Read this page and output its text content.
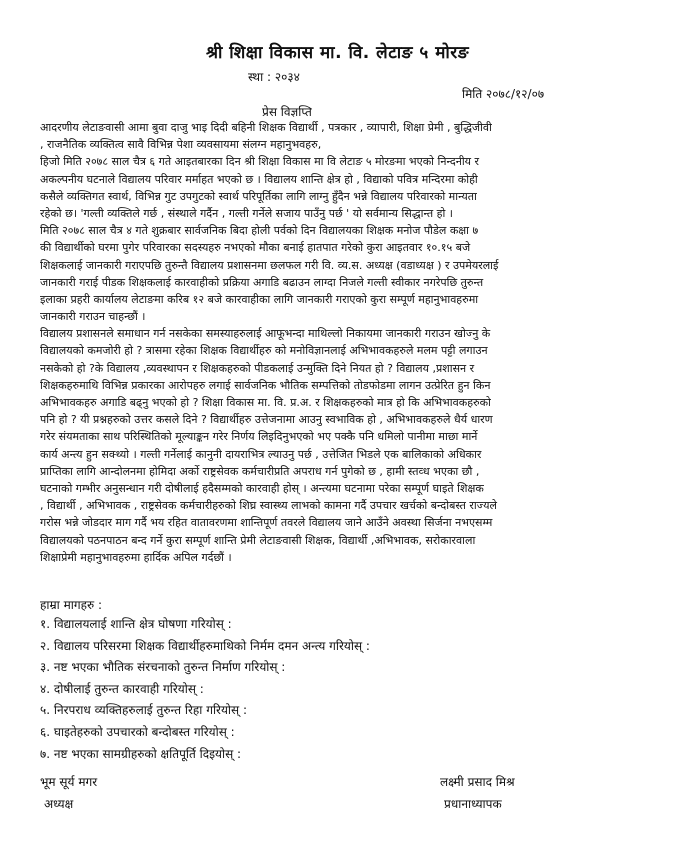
श्री शिक्षा विकास मा. वि. लेटाङ ५ मोरङ
स्था : २०३४
मिति २०७८/१२/०७
प्रेस विज्ञप्ति
आदरणीय लेटाङवासी आमा बुवा दाजु भाइ दिदी बहिनी शिक्षक विद्यार्थी , पत्रकार , व्यापारी, शिक्षा प्रेमी , बुद्धिजीवी
, राजनैतिक व्यक्तित्व सावै विभिन्न पेशा व्यवसायमा संलग्न महानुभवहरु,
हिजो मिति २०७८ साल चैत्र ६ गते आइतबारका दिन श्री शिक्षा विकास मा वि लेटाङ ५ मोरङमा भएको निन्दनीय र
अकल्पनीय घटनाले विद्यालय परिवार मर्माहत भएको छ । विद्यालय शान्ति क्षेत्र हो , विद्याको पवित्र मन्दिरमा कोही
कसैले व्यक्तिगत स्वार्थ, विभिन्न गुट उपगुटको स्वार्थ परिपूर्तिका लागि लाग्नु हुँदैन भन्ने विद्यालय परिवारको मान्यता
रहेको छ। 'गल्ती व्यक्तिले गर्छ , संस्थाले गर्दैन , गल्ती गर्नेले सजाय पाउँनु पर्छ ' यो सर्वमान्य सिद्धान्त हो ।
मिति २०७८ साल चैत्र ४ गते शुक्रबार सार्वजनिक बिदा होली पर्वको दिन विद्यालयका शिक्षक मनोज पौडेल कक्षा ७
की विद्यार्थीको घरमा पुगेर परिवारका सदस्यहरु नभएको मौका बनाई हातपात गरेको कुरा आइतवार १०.१५ बजे
शिक्षकलाई जानकारी गराएपछि तुरुन्तै विद्यालय प्रशासनमा छलफल गरी वि. व्य.स. अध्यक्ष (वडाध्यक्ष ) र उपमेयरलाई
जानकारी गराई पीडक शिक्षकलाई कारवाहीको प्रक्रिया अगाडि बढाउन लाग्दा निजले गल्ती स्वीकार नगरेपछि तुरुन्त
इलाका प्रहरी कार्यालय लेटाङमा करिब १२ बजे कारवाहीका लागि जानकारी गराएको कुरा सम्पूर्ण महानुभावहरुमा
जानकारी गराउन चाहन्छौं ।
विद्यालय प्रशासनले समाधान गर्न नसकेका समस्याहरुलाई आफूभन्दा माथिल्लो निकायमा जानकारी गराउन खोज्नु के
विद्यालयको कमजोरी हो ? त्रासमा रहेका शिक्षक विद्यार्थीहरु को मनोविज्ञानलाई अभिभावकहरुले मलम पट्टी लगाउन
नसकेको हो ?के विद्यालय ,व्यवस्थापन र शिक्षकहरुको पीडकलाई उन्मुक्ति दिने नियत हो ? विद्यालय ,प्रशासन र
शिक्षकहरुमाथि विभिन्न प्रकारका आरोपहरु लगाई सार्वजनिक भौतिक सम्पत्तिको तोडफोडमा लागन उत्प्रेरित हुन किन
अभिभावकहरु अगाडि बढ्नु भएको हो ? शिक्षा विकास मा. वि. प्र.अ. र शिक्षकहरुको मात्र हो कि अभिभावकहरुको
पनि हो ? यी प्रश्नहरुको उत्तर कसले दिने ? विद्यार्थीहरु उत्तेजनामा आउनु स्वभाविक हो , अभिभावकहरुले धैर्य धारण
गरेर संयमताका साथ परिस्थितिको मूल्याङ्कन गरेर निर्णय लिइदिनुभएको भए पक्कै पनि धमिलो पानीमा माछा मार्ने
कार्य अन्त्य हुन सक्थ्यो । गल्ती गर्नेलाई कानुनी दायराभित्र ल्याउनु पर्छ , उत्तेजित भिडले एक बालिकाको अधिकार
प्राप्तिका लागि आन्दोलनमा होमिदा अर्को राष्ट्रसेवक कर्मचारीप्रति अपराध गर्न पुगेको छ , हामी स्तव्ध भएका छौ ,
घटनाको गम्भीर अनुसन्धान गरी दोषीलाई हदैसम्मको कारवाही होस् । अन्त्यमा घटनामा परेका सम्पूर्ण घाइते शिक्षक
, विद्यार्थी , अभिभावक , राष्ट्रसेवक कर्मचारीहरुको शिघ्र स्वास्थ्य लाभको कामना गर्दै उपचार खर्चको बन्दोबस्त राज्यले
गरोस भन्ने जोडदार माग गर्दै भय रहित वातावरणमा शान्तिपूर्ण तवरले विद्यालय जाने आउँने अवस्था सिर्जना नभएसम्म
विद्यालयको पठनपाठन बन्द गर्ने कुरा सम्पूर्ण शान्ति प्रेमी लेटाङवासी शिक्षक, विद्यार्थी ,अभिभावक, सरोकारवाला
शिक्षाप्रेमी महानुभावहरुमा हार्दिक अपिल गर्दछौं ।
हाम्रा मागहरु :
१. विद्यालयलाई शान्ति क्षेत्र घोषणा गरियोस् :
२. विद्यालय परिसरमा शिक्षक विद्यार्थीहरुमाथिको निर्मम दमन अन्त्य गरियोस् :
३. नष्ट भएका भौतिक संरचनाको तुरुन्त निर्माण गरियोस् :
४. दोषीलाई तुरुन्त कारवाही गरियोस् :
५. निरपराध व्यक्तिहरुलाई तुरुन्त रिहा गरियोस् :
६. घाइतेहरुको उपचारको बन्दोबस्त गरियोस् :
७. नष्ट भएका सामग्रीहरुको क्षतिपूर्ति दिइयोस् :
भूम सूर्य मगर
अध्यक्ष
लक्ष्मी प्रसाद मिश्र
प्रधानाध्यापक
